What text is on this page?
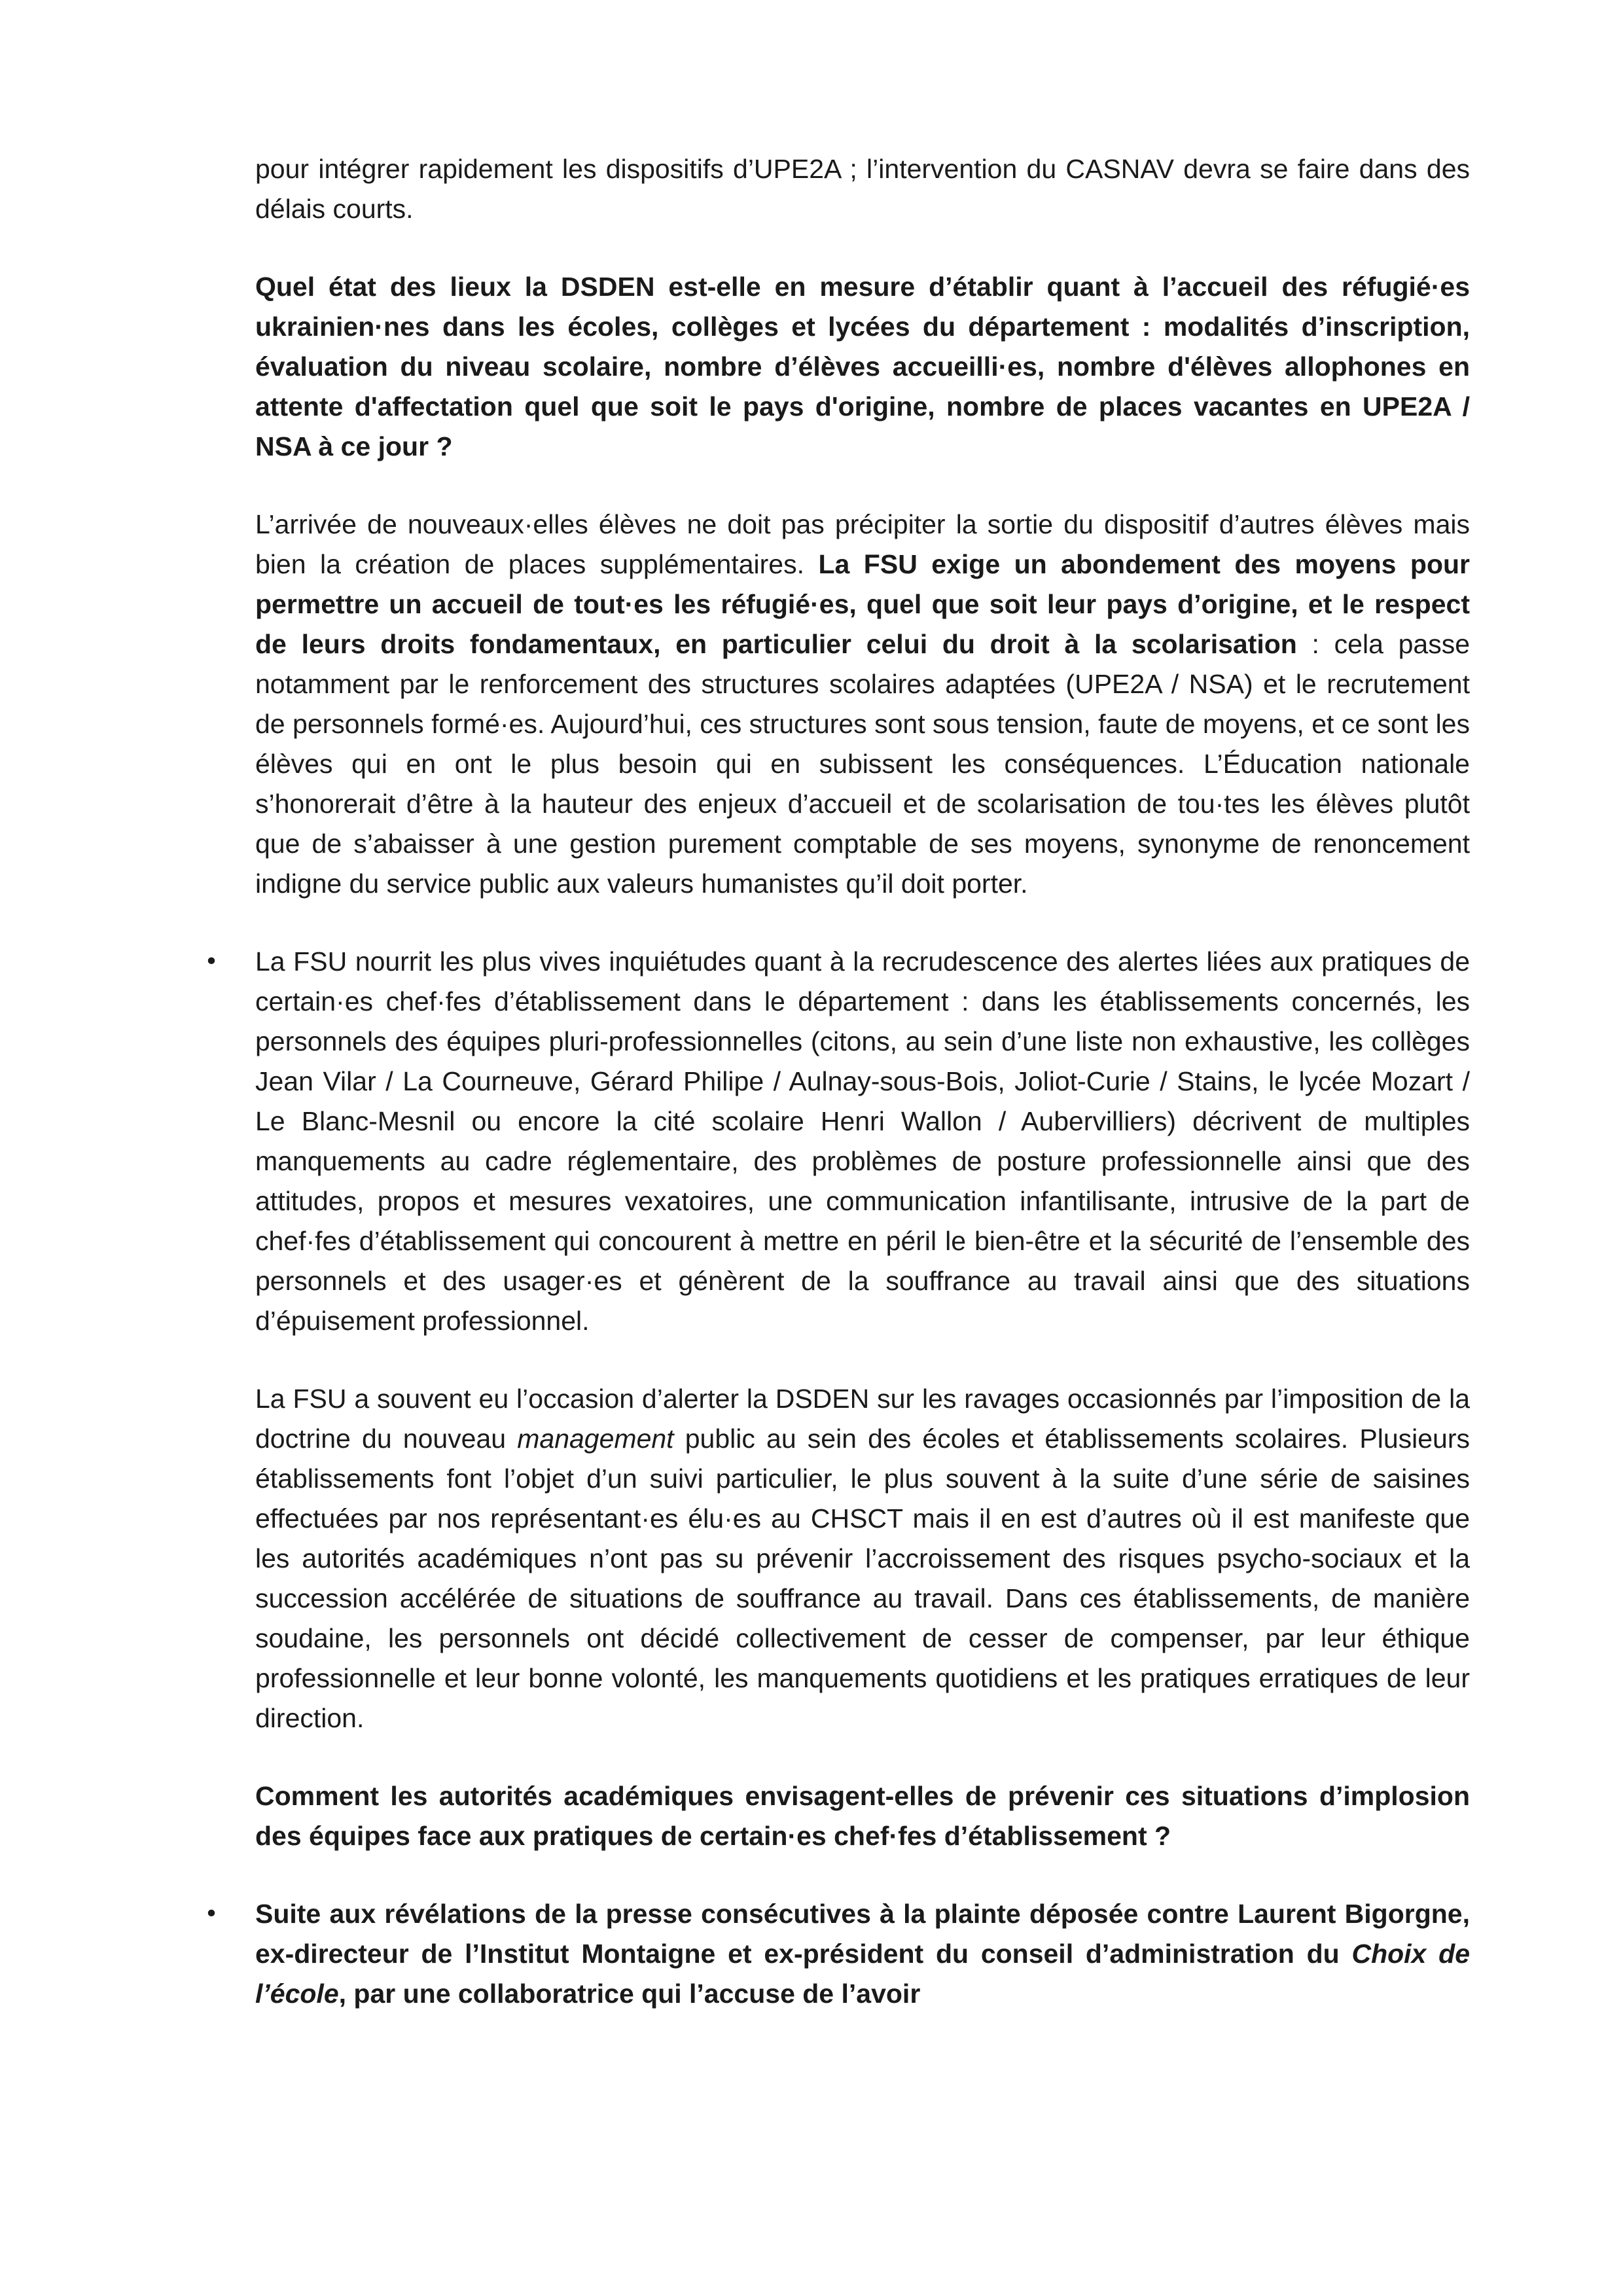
pour intégrer rapidement les dispositifs d’UPE2A ; l’intervention du CASNAV devra se faire dans des délais courts.

Quel état des lieux la DSDEN est-elle en mesure d’établir quant à l’accueil des réfugié·es ukrainien·nes dans les écoles, collèges et lycées du département : modalités d’inscription, évaluation du niveau scolaire, nombre d’élèves accueilli·es, nombre d'élèves allophones en attente d'affectation quel que soit le pays d'origine, nombre de places vacantes en UPE2A / NSA à ce jour ?

L’arrivée de nouveaux·elles élèves ne doit pas précipiter la sortie du dispositif d’autres élèves mais bien la création de places supplémentaires. La FSU exige un abondement des moyens pour permettre un accueil de tout·es les réfugié·es, quel que soit leur pays d’origine, et le respect de leurs droits fondamentaux, en particulier celui du droit à la scolarisation : cela passe notamment par le renforcement des structures scolaires adaptées (UPE2A / NSA) et le recrutement de personnels formé·es. Aujourd’hui, ces structures sont sous tension, faute de moyens, et ce sont les élèves qui en ont le plus besoin qui en subissent les conséquences. L’Éducation nationale s’honorerait d’être à la hauteur des enjeux d’accueil et de scolarisation de tou·tes les élèves plutôt que de s’abaisser à une gestion purement comptable de ses moyens, synonyme de renoncement indigne du service public aux valeurs humanistes qu’il doit porter.

• La FSU nourrit les plus vives inquiétudes quant à la recrudescence des alertes liées aux pratiques de certain·es chef·fes d’établissement dans le département : dans les établissements concernés, les personnels des équipes pluri-professionnelles (citons, au sein d’une liste non exhaustive, les collèges Jean Vilar / La Courneuve, Gérard Philipe / Aulnay-sous-Bois, Joliot-Curie / Stains, le lycée Mozart / Le Blanc-Mesnil ou encore la cité scolaire Henri Wallon / Aubervilliers) décrivent de multiples manquements au cadre réglementaire, des problèmes de posture professionnelle ainsi que des attitudes, propos et mesures vexatoires, une communication infantilisante, intrusive de la part de chef·fes d’établissement qui concourent à mettre en péril le bien-être et la sécurité de l’ensemble des personnels et des usager·es et génèrent de la souffrance au travail ainsi que des situations d’épuisement professionnel.

La FSU a souvent eu l’occasion d’alerter la DSDEN sur les ravages occasionnés par l’imposition de la doctrine du nouveau management public au sein des écoles et établissements scolaires. Plusieurs établissements font l’objet d’un suivi particulier, le plus souvent à la suite d’une série de saisines effectuées par nos représentant·es élu·es au CHSCT mais il en est d’autres où il est manifeste que les autorités académiques n’ont pas su prévenir l’accroissement des risques psycho-sociaux et la succession accélérée de situations de souffrance au travail. Dans ces établissements, de manière soudaine, les personnels ont décidé collectivement de cesser de compenser, par leur éthique professionnelle et leur bonne volonté, les manquements quotidiens et les pratiques erratiques de leur direction.

Comment les autorités académiques envisagent-elles de prévenir ces situations d’implosion des équipes face aux pratiques de certain·es chef·fes d’établissement ?

• Suite aux révélations de la presse consécutives à la plainte déposée contre Laurent Bigorgne, ex-directeur de l’Institut Montaigne et ex-président du conseil d’administration du Choix de l’école, par une collaboratrice qui l’accuse de l’avoir
